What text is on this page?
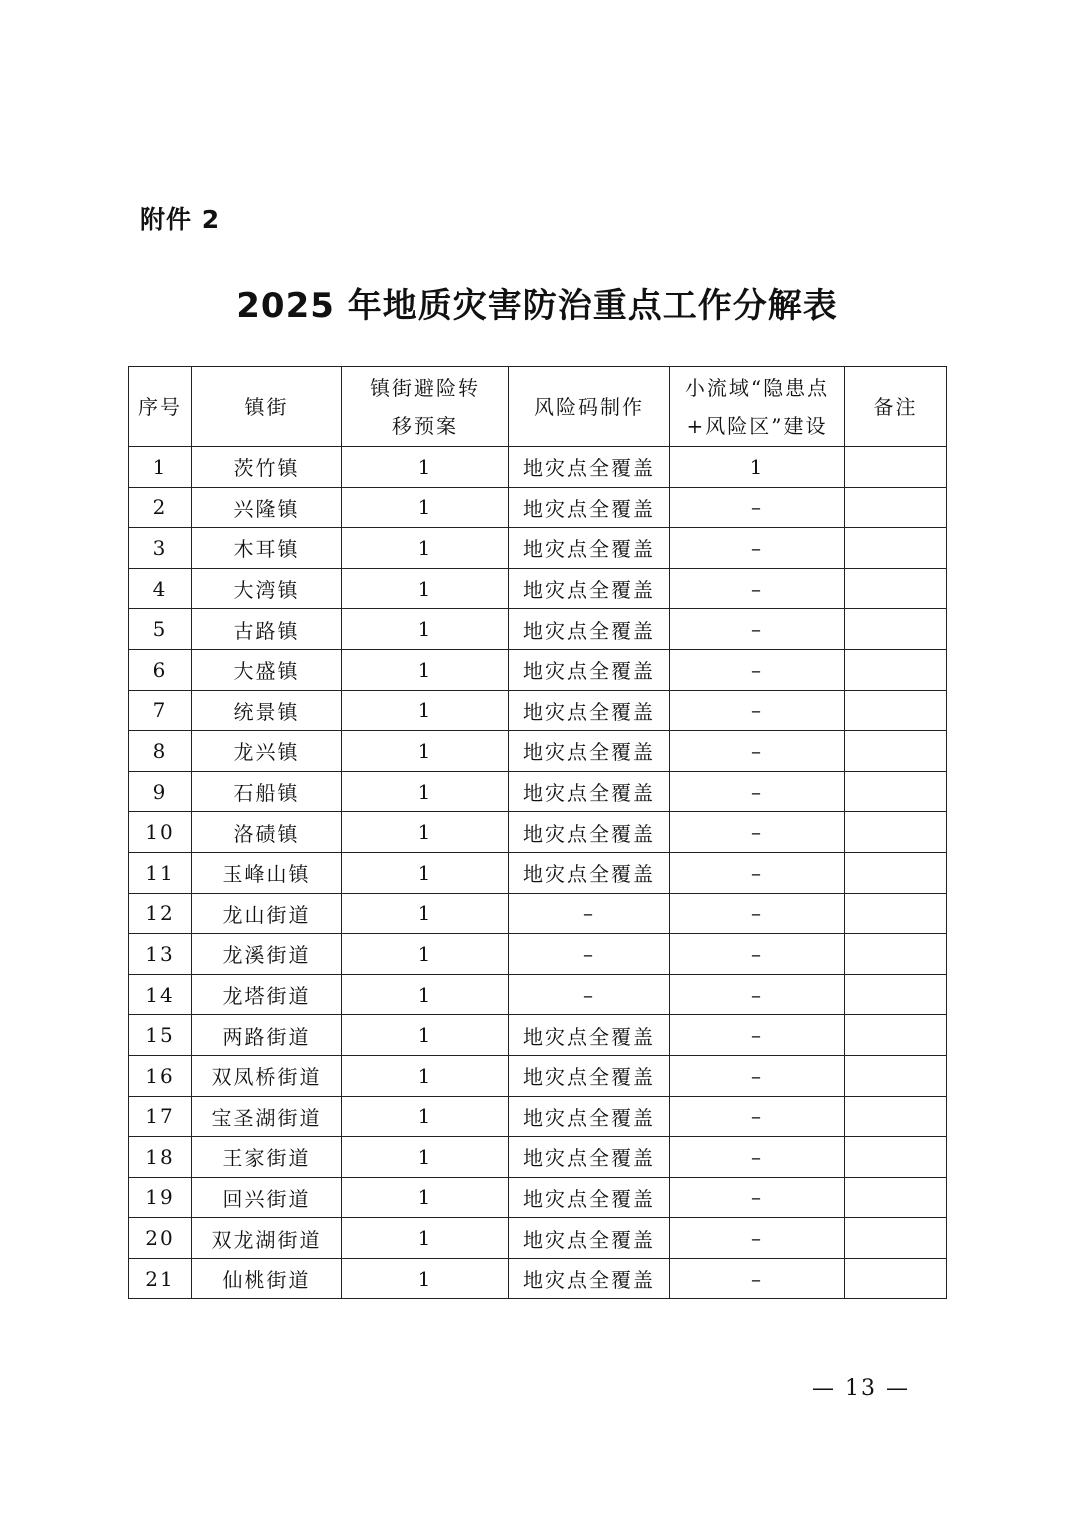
附件 2
2025 年地质灾害防治重点工作分解表
序号	镇街	镇街避险转移预案	风险码制作	小流域“隐患点+风险区”建设	备注
1	茨竹镇	1	地灾点全覆盖	1	
2	兴隆镇	1	地灾点全覆盖	–	
3	木耳镇	1	地灾点全覆盖	–	
4	大湾镇	1	地灾点全覆盖	–	
5	古路镇	1	地灾点全覆盖	–	
6	大盛镇	1	地灾点全覆盖	–	
7	统景镇	1	地灾点全覆盖	–	
8	龙兴镇	1	地灾点全覆盖	–	
9	石船镇	1	地灾点全覆盖	–	
10	洛碛镇	1	地灾点全覆盖	–	
11	玉峰山镇	1	地灾点全覆盖	–	
12	龙山街道	1	–	–	
13	龙溪街道	1	–	–	
14	龙塔街道	1	–	–	
15	两路街道	1	地灾点全覆盖	–	
16	双凤桥街道	1	地灾点全覆盖	–	
17	宝圣湖街道	1	地灾点全覆盖	–	
18	王家街道	1	地灾点全覆盖	–	
19	回兴街道	1	地灾点全覆盖	–	
20	双龙湖街道	1	地灾点全覆盖	–	
21	仙桃街道	1	地灾点全覆盖	–	
— 13 —
